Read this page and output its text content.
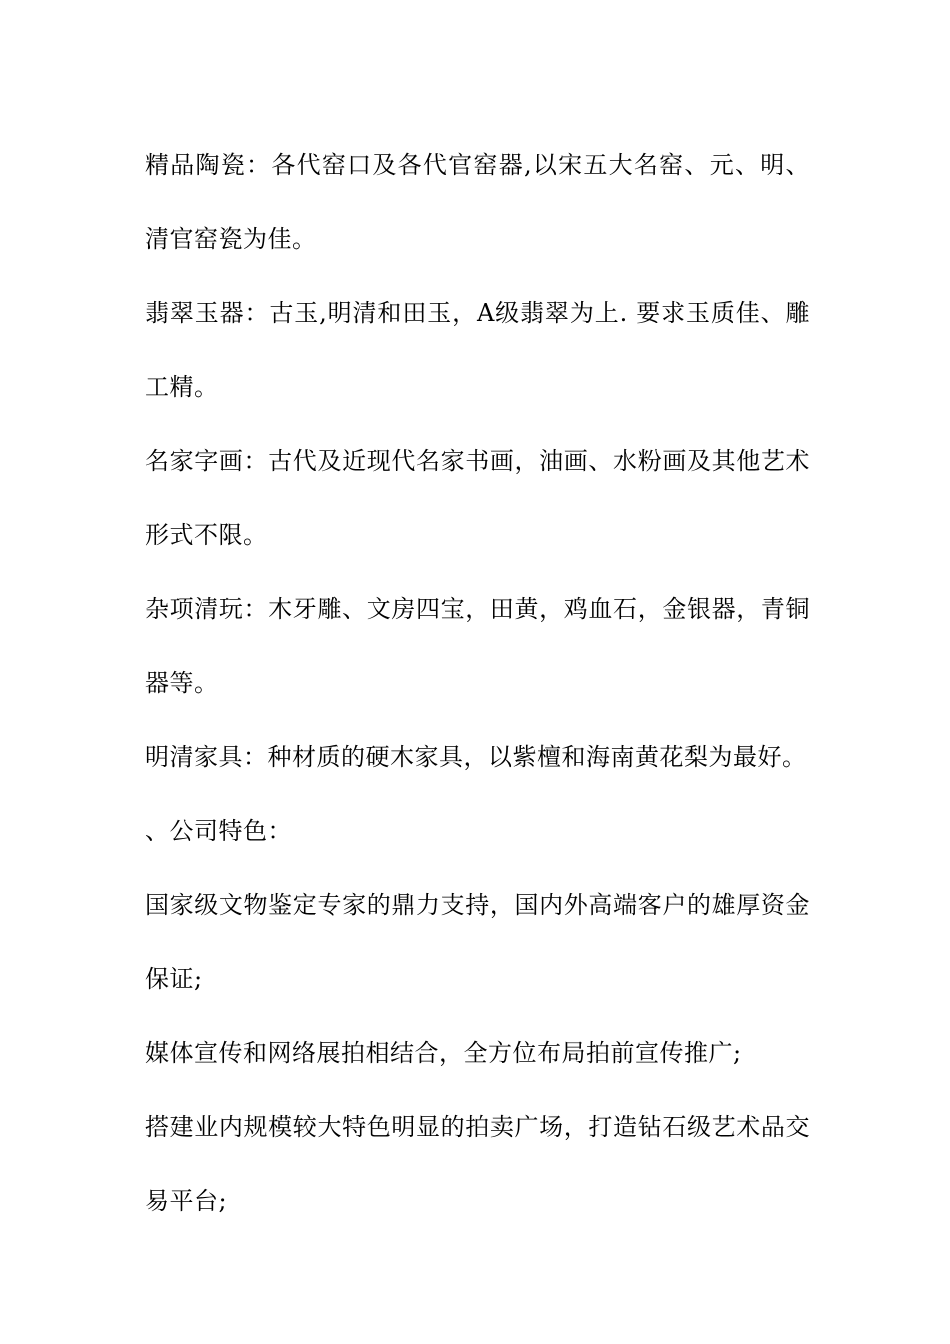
精品陶瓷：各代窑口及各代官窑器,以宋五大名窑、元、明、清官窑瓷为佳。

翡翠玉器：古玉,明清和田玉，A级翡翠为上. 要求玉质佳、雕工精。

名家字画：古代及近现代名家书画，油画、水粉画及其他艺术形式不限。

杂项清玩：木牙雕、文房四宝，田黄，鸡血石，金银器，青铜器等。

明清家具：种材质的硬木家具，以紫檀和海南黄花梨为最好。

、公司特色：

国家级文物鉴定专家的鼎力支持，国内外高端客户的雄厚资金保证;

媒体宣传和网络展拍相结合，全方位布局拍前宣传推广;

搭建业内规模较大特色明显的拍卖广场，打造钻石级艺术品交易平台;
